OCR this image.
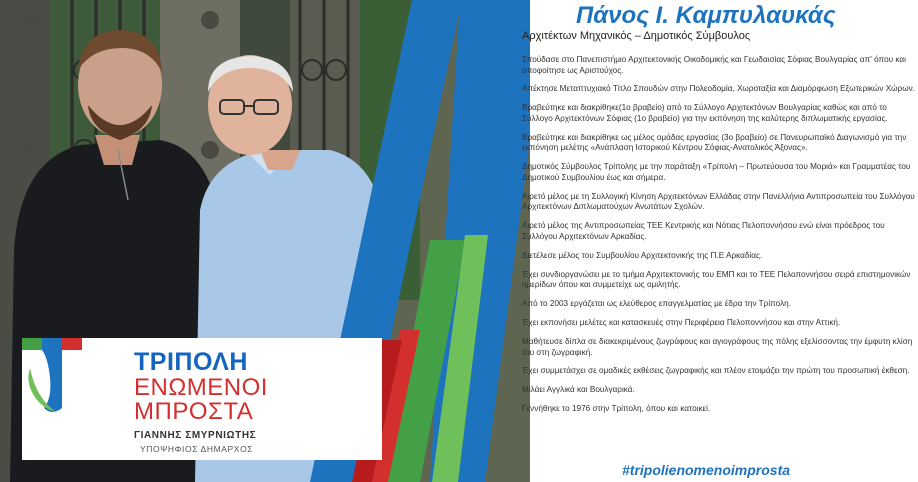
ΤΡΙΠΟΛΗ
ΕΝΩΜΕΝΟΙ
ΜΠΡΟΣΤΑ
ΓΙΑΝΝΗΣ ΣΜΥΡΝΙΩΤΗΣ
ΥΠΟΨΗΦΙΟΣ ΔΗΜΑΡΧΟΣ
Πάνος Ι. Καμπυλαυκάς
Αρχιτέκτων Μηχανικός – Δημοτικός Σύμβουλος

Σπούδασε στο Πανεπιστήμιο Αρχιτεκτονικής Οικοδομικής και Γεωδαισίας Σόφιας Βουλγαρίας απ' όπου και αποφοίτησε ως Αριστούχος.

Απέκτησε Μεταπτυχιακό Τίτλο Σπουδών στην Πολεοδομία, Χωροταξία και Διαμόρφωση Εξωτερικών Χώρων.

Βραβεύτηκε και διακρίθηκε(1ο βραβείο) από το Σύλλογο Αρχιτεκτόνων Βουλγαρίας καθώς και από το Σύλλογο Αρχιτεκτόνων Σόφιας (1ο βραβείο) για την εκπόνηση της καλύτερης διπλωματικής εργασίας.

Βραβεύτηκε και διακρίθηκε ως μέλος ομάδας εργασίας (3ο βραβείο) σε Πανευρωπαϊκό Διαγωνισμό για την εκπόνηση μελέτης «Ανάπλαση Ιστορικού Κέντρου Σόφιας-Ανατολικός Άξονας».

Δημοτικός Σύμβουλος Τρίπολης με την παράταξη «Τρίπολη – Πρωτεύουσα του Μοριά» και Γραμματέας του Δημοτικού Συμβουλίου έως και σήμερα.

Αιρετό μέλος με τη Συλλογική Κίνηση Αρχιτεκτόνων Ελλάδας στην Πανελλήνια Αντιπροσωπεία του Συλλόγου Αρχιτεκτόνων Διπλωματούχων Ανωτάτων Σχολών.

Αιρετό μέλος της Αντιπροσωπείας ΤΕΕ Κεντρικής και Νότιας Πελοποννήσου ενώ είναι πρόεδρος του Συλλόγου Αρχιτεκτόνων Αρκαδίας.

Διετέλεσε μέλος του Συμβουλίου Αρχιτεκτονικής της Π.Ε Αρκαδίας.

Έχει συνδιοργανώσει με το τμήμα Αρχιτεκτονικής του ΕΜΠ και το ΤΕΕ Πελοποννήσου σειρά επιστημονικών ημερίδων όπου και συμμετείχε ως ομιλητής.

Από το 2003 εργάζεται ως ελεύθερος επαγγελματίας με έδρα την Τρίπολη.

Έχει εκπονήσει μελέτες και κατασκευές στην Περιφέρεια Πελοποννήσου και στην Αττική.

Μαθήτευσε δίπλα σε διακεκριμένους ζωγράφους και αγιογράφους της πόλης εξελίσσοντας την έμφυτη κλίση του στη ζωγραφική.

Έχει συμμετάσχει σε ομαδικές εκθέσεις ζωγραφικής και πλέον ετοιμάζει την πρώτη του προσωπική έκθεση.

Μιλάει Αγγλικά και Βουλγαρικά.

Γεννήθηκε το 1976 στην Τρίπολη, όπου και κατοικεί.

#tripolienomenoimprosta
